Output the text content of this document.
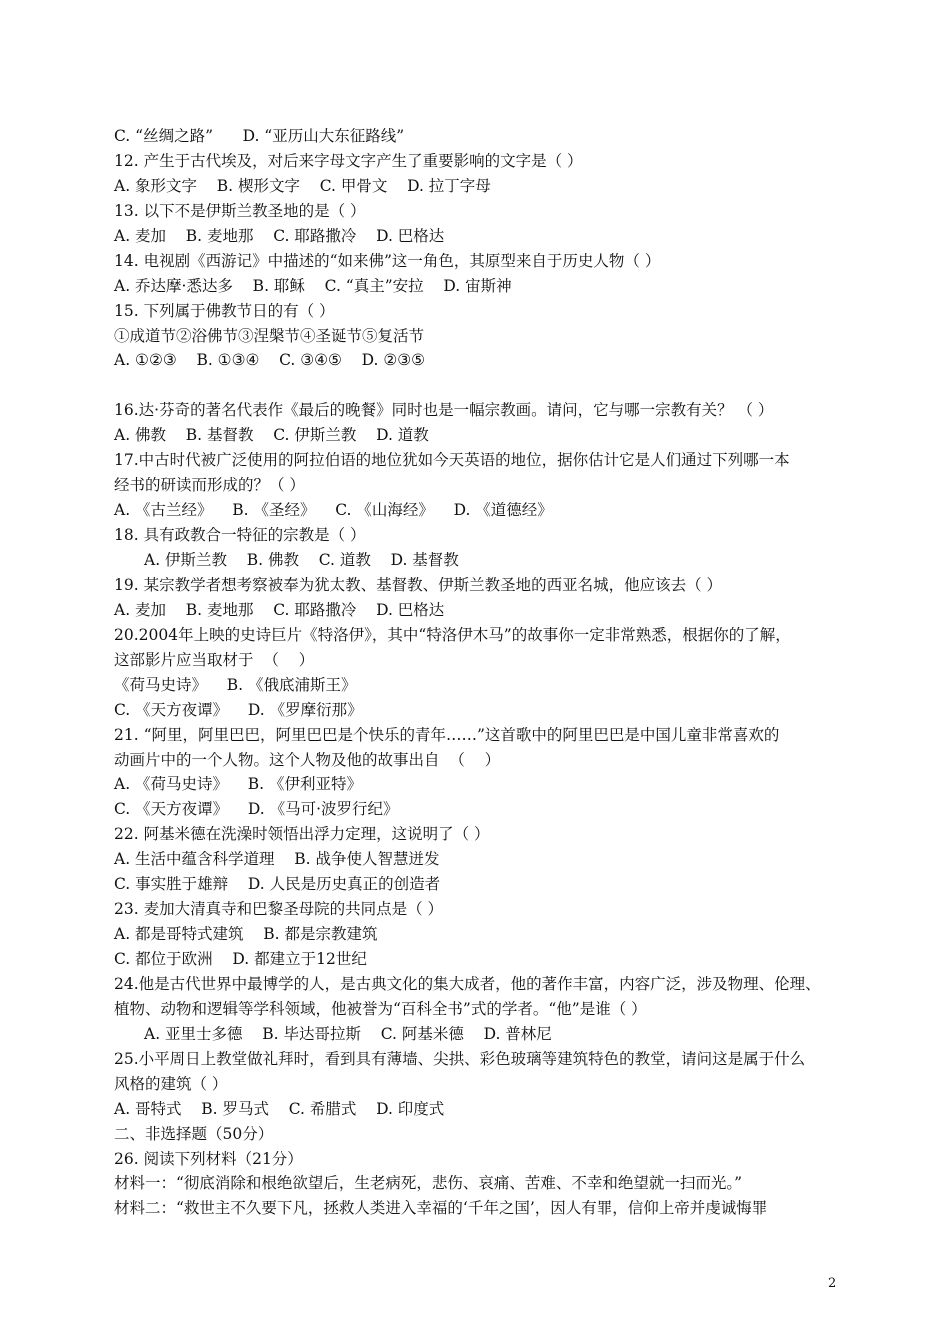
C. “丝绸之路”      D. “亚历山大东征路线”
12. 产生于古代埃及，对后来字母文字产生了重要影响的文字是（ ）
A. 象形文字    B. 楔形文字    C. 甲骨文    D. 拉丁字母
13. 以下不是伊斯兰教圣地的是（ ）
A. 麦加    B. 麦地那    C. 耶路撒冷    D. 巴格达
14. 电视剧《西游记》中描述的“如来佛”这一角色，其原型来自于历史人物（ ）
A. 乔达摩·悉达多    B. 耶稣    C. “真主”安拉    D. 宙斯神
15. 下列属于佛教节日的有（ ）
①成道节②浴佛节③涅槃节④圣诞节⑤复活节
A. ①②③    B. ①③④    C. ③④⑤    D. ②③⑤
16.达·芬奇的著名代表作《最后的晚餐》同时也是一幅宗教画。请问，它与哪一宗教有关？ （ ）
A. 佛教    B. 基督教    C. 伊斯兰教    D. 道教
17.中古时代被广泛使用的阿拉伯语的地位犹如今天英语的地位，据你估计它是人们通过下列哪一本
经书的研读而形成的？（ ）
A. 《古兰经》    B. 《圣经》    C. 《山海经》    D. 《道德经》
18. 具有政教合一特征的宗教是（ ）
A. 伊斯兰教    B. 佛教    C. 道教    D. 基督教
19. 某宗教学者想考察被奉为犹太教、基督教、伊斯兰教圣地的西亚名城，他应该去（ ）
A. 麦加    B. 麦地那    C. 耶路撒冷    D. 巴格达
20.2004年上映的史诗巨片《特洛伊》，其中“特洛伊木马”的故事你一定非常熟悉，根据你的了解，
这部影片应当取材于  （    ）
《荷马史诗》    B. 《俄底浦斯王》
C. 《天方夜谭》    D. 《罗摩衍那》
21. “阿里，阿里巴巴，阿里巴巴是个快乐的青年……”这首歌中的阿里巴巴是中国儿童非常喜欢的
动画片中的一个人物。这个人物及他的故事出自  （    ）
A. 《荷马史诗》    B. 《伊利亚特》
C. 《天方夜谭》    D. 《马可·波罗行纪》
22. 阿基米德在洗澡时领悟出浮力定理，这说明了（ ）
A. 生活中蕴含科学道理    B. 战争使人智慧迸发
C. 事实胜于雄辩    D. 人民是历史真正的创造者
23. 麦加大清真寺和巴黎圣母院的共同点是（ ）
A. 都是哥特式建筑    B. 都是宗教建筑
C. 都位于欧洲    D. 都建立于12世纪
24.他是古代世界中最博学的人，是古典文化的集大成者，他的著作丰富，内容广泛，涉及物理、伦理、
植物、动物和逻辑等学科领域，他被誉为“百科全书”式的学者。“他”是谁（ ）
A. 亚里士多德    B. 毕达哥拉斯    C. 阿基米德    D. 普林尼
25.小平周日上教堂做礼拜时，看到具有薄墙、尖拱、彩色玻璃等建筑特色的教堂，请问这是属于什么
风格的建筑（ ）
A. 哥特式    B. 罗马式    C. 希腊式    D. 印度式
二、非选择题（50分）
26. 阅读下列材料（21分）
材料一：“彻底消除和根绝欲望后，生老病死，悲伤、哀痛、苦难、不幸和绝望就一扫而光。”
材料二：“救世主不久要下凡，拯救人类进入幸福的‘千年之国’，因人有罪，信仰上帝并虔诚悔罪
2
